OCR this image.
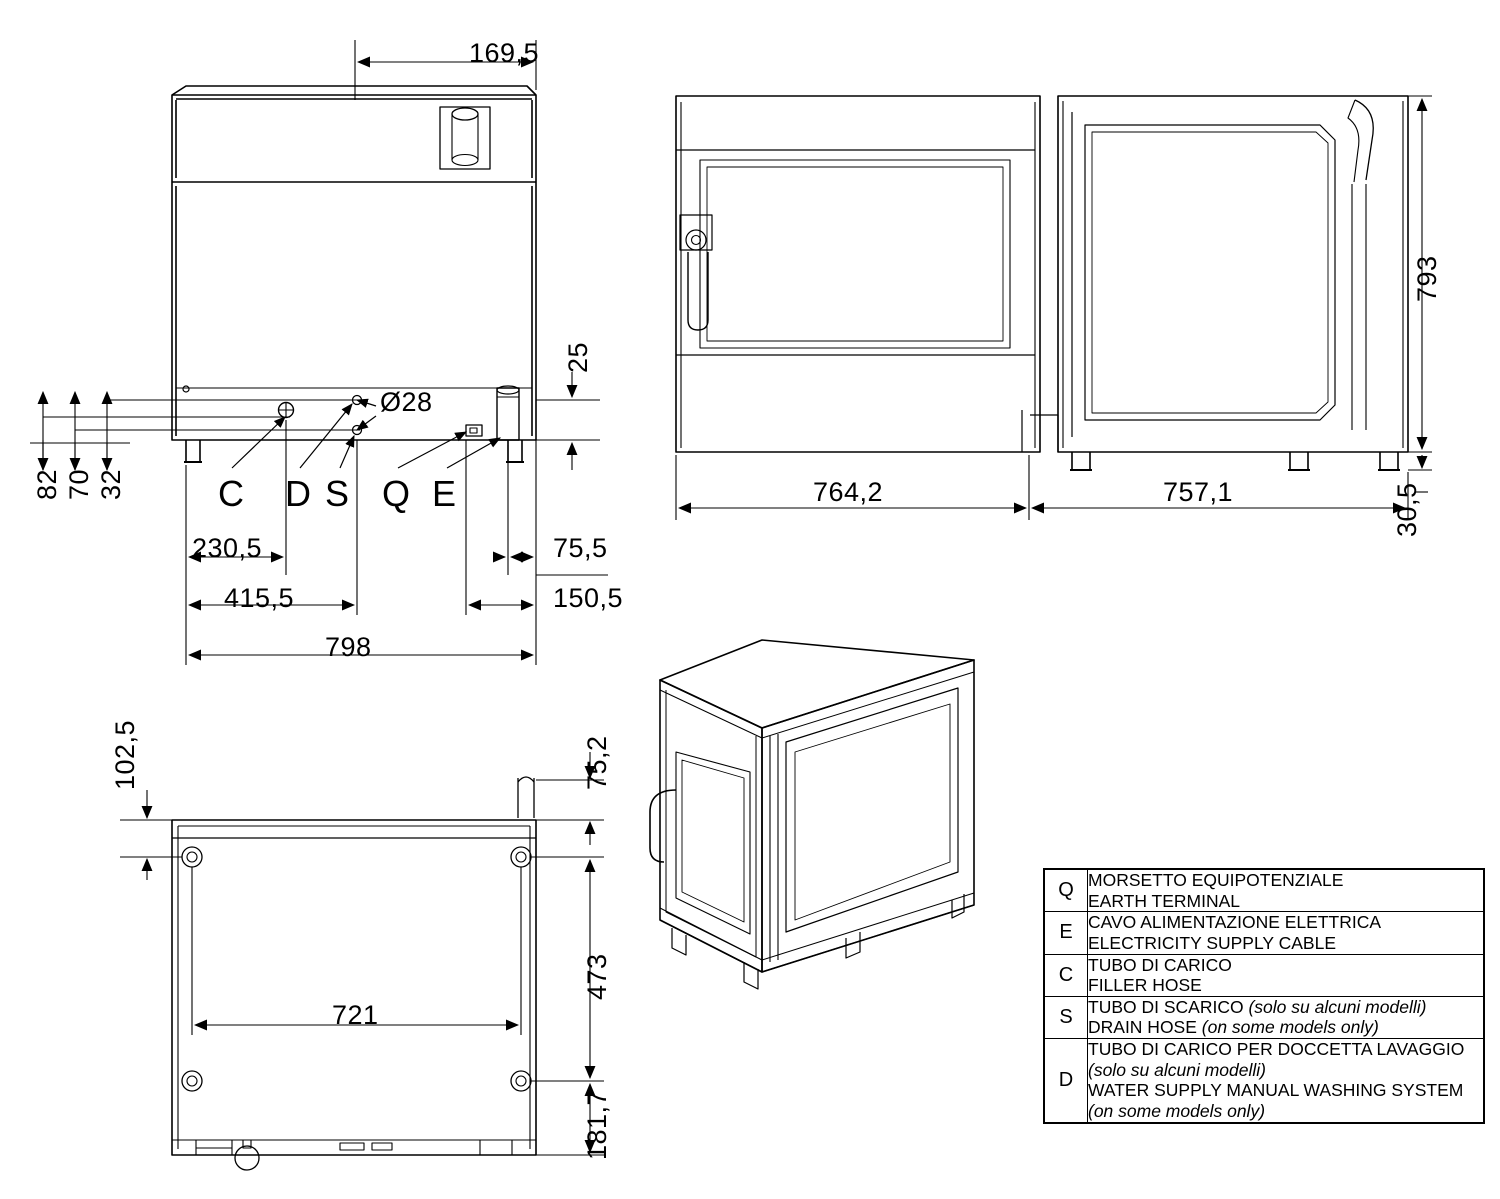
169,5
Ø28
25
82 70 32
230,5
415,5
798
75,5
150,5
C D S Q E
793
764,2	757,1	30,5
102,5	75,2
473
181,7
721
Q	MORSETTO EQUIPOTENZIALE
EARTH TERMINAL

E	CAVO ALIMENTAZIONE ELETTRICA
ELECTRICITY SUPPLY CABLE

C	TUBO DI CARICO
FILLER HOSE

S	TUBO DI SCARICO (solo su alcuni modelli)
DRAIN HOSE (on some models only)

D	TUBO DI CARICO PER DOCCETTA LAVAGGIO
(solo su alcuni modelli)
WATER SUPPLY MANUAL WASHING SYSTEM
(on some models only)
